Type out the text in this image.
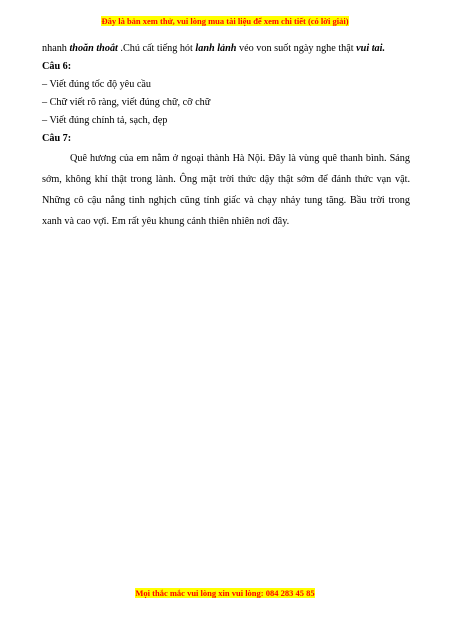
Đây là bản xem thử, vui lòng mua tài liệu để xem chi tiết (có lời giải)
nhanh thoăn thoắt .Chú cất tiếng hót lanh lảnh véo von suốt ngày nghe thật vui tai.
Câu 6:
– Viết đúng tốc độ yêu cầu
– Chữ viết rõ ràng, viết đúng chữ, cỡ chữ
– Viết đúng chính tả, sạch, đẹp
Câu 7:
Quê hương của em nằm ở ngoại thành Hà Nội. Đây là vùng quê thanh bình. Sáng sớm, không khí thật trong lành. Ông mặt trời thức dậy thật sớm để đánh thức vạn vật. Những cô cậu nắng tinh nghịch cũng tỉnh giấc và chạy nhảy tung tăng. Bầu trời trong xanh và cao vợi. Em rất yêu khung cảnh thiên nhiên nơi đây.
Mọi thắc mắc vui lòng xin vui lòng: 084 283 45 85
